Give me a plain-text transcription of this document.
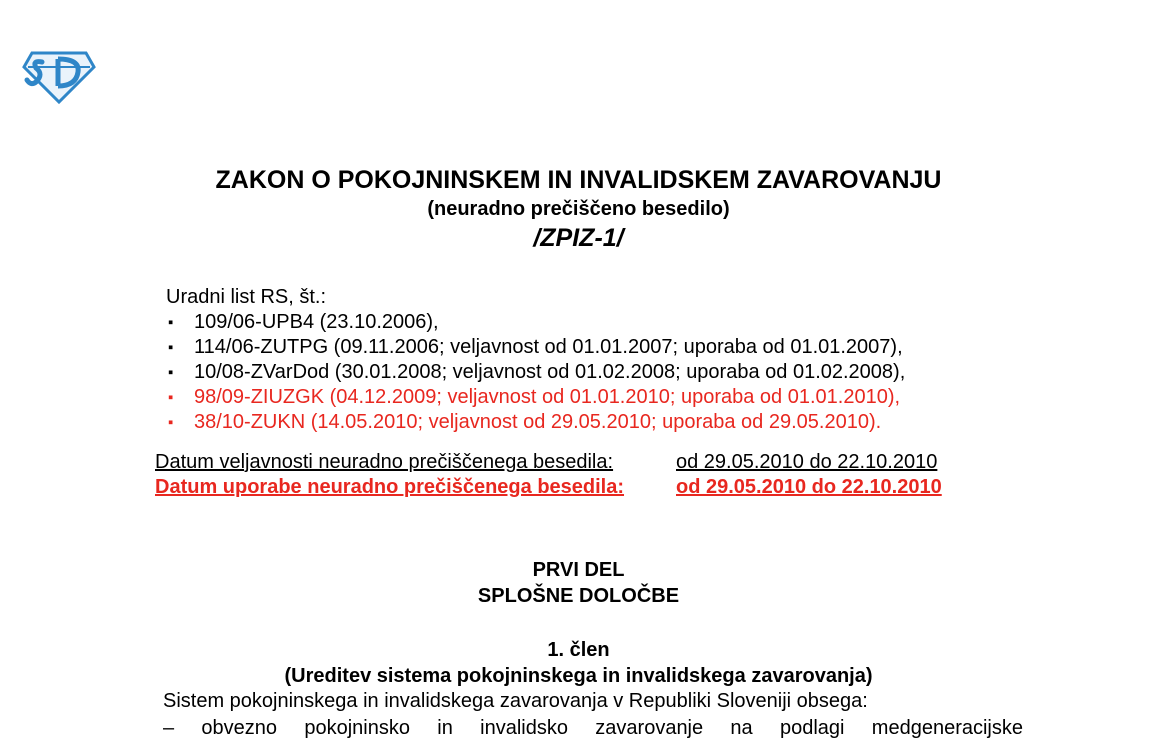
ZAKON O POKOJNINSKEM IN INVALIDSKEM ZAVAROVANJU
(neuradno prečiščeno besedilo)
/ZPIZ-1/
Uradni list RS, št.:
▪ 109/06-UPB4 (23.10.2006),
▪ 114/06-ZUTPG (09.11.2006; veljavnost od 01.01.2007; uporaba od 01.01.2007),
▪ 10/08-ZVarDod (30.01.2008; veljavnost od 01.02.2008; uporaba od 01.02.2008),
▪ 98/09-ZIUZGK (04.12.2009; veljavnost od 01.01.2010; uporaba od 01.01.2010),
▪ 38/10-ZUKN (14.05.2010; veljavnost od 29.05.2010; uporaba od 29.05.2010).
Datum veljavnosti neuradno prečiščenega besedila:	od 29.05.2010 do 22.10.2010
Datum uporabe neuradno prečiščenega besedila:	od 29.05.2010 do 22.10.2010
PRVI DEL
SPLOŠNE DOLOČBE
1. člen
(Ureditev sistema pokojninskega in invalidskega zavarovanja)

Sistem pokojninskega in invalidskega zavarovanja v Republiki Sloveniji obsega:

– obvezno pokojninsko in invalidsko zavarovanje na podlagi medgeneracijske
